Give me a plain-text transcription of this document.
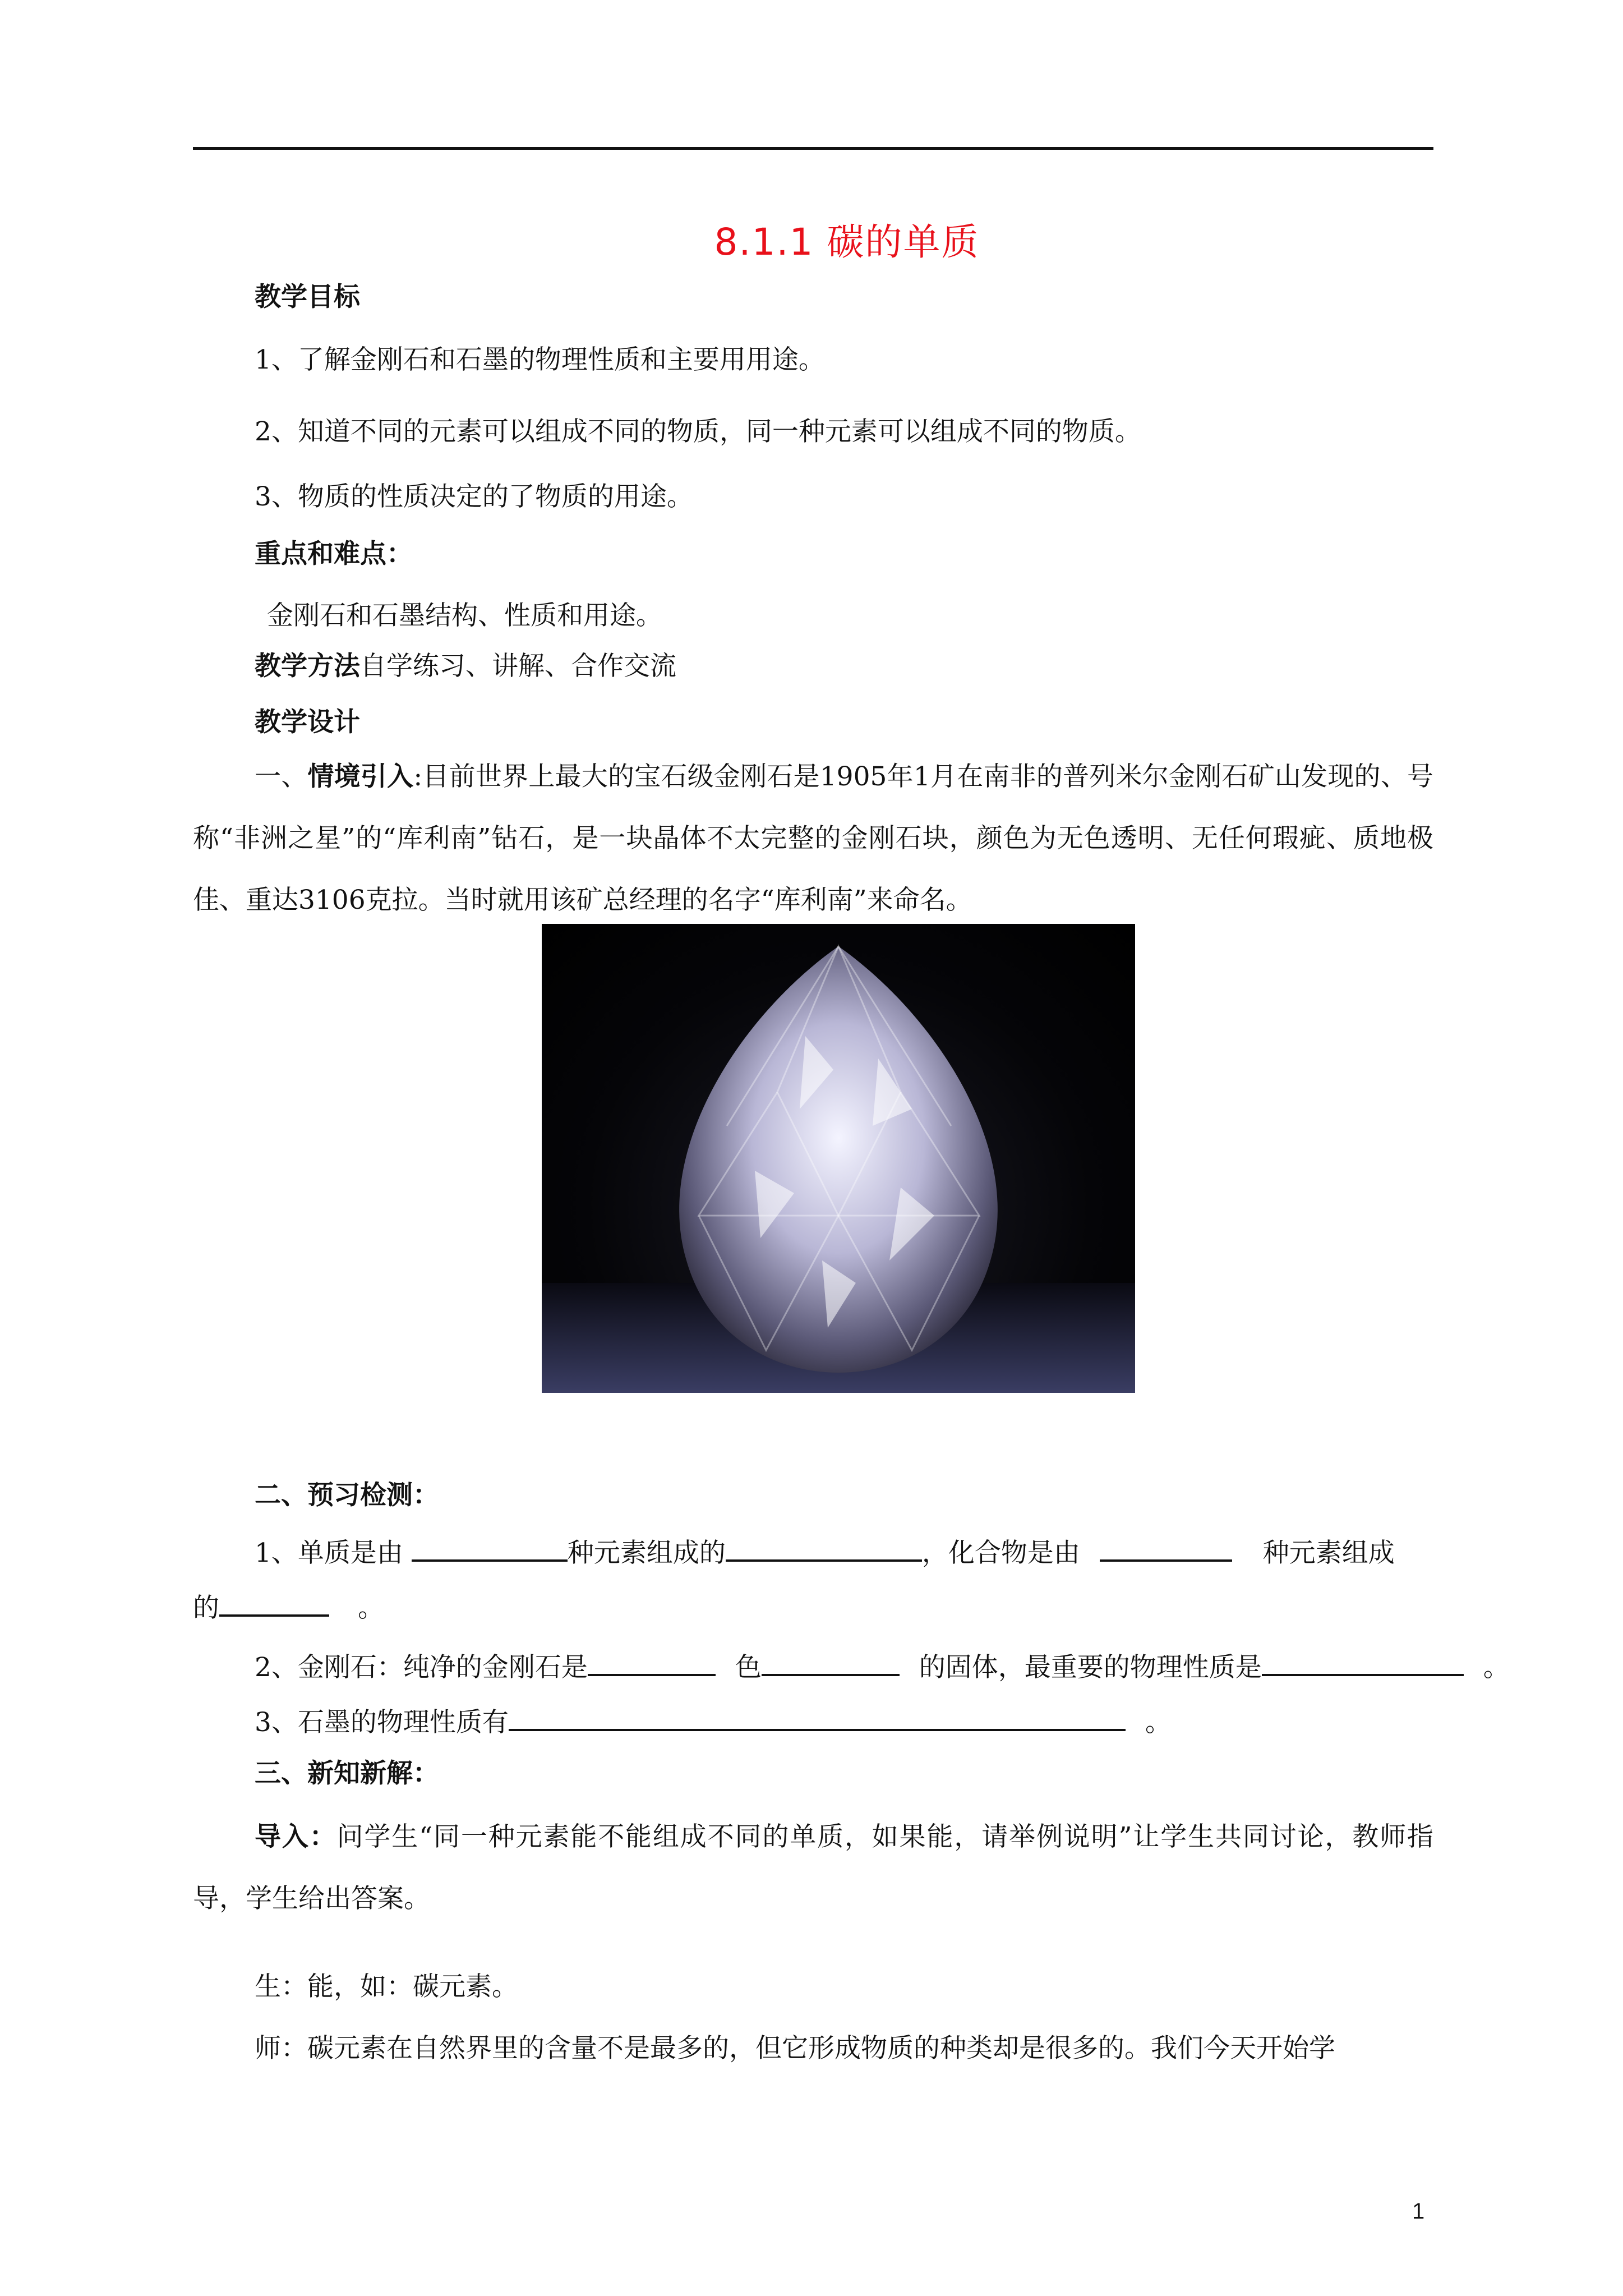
8.1.1 碳的单质
教学目标
1、了解金刚石和石墨的物理性质和主要用用途。
2、知道不同的元素可以组成不同的物质，同一种元素可以组成不同的物质。
3、物质的性质决定的了物质的用途。
重点和难点：
金刚石和石墨结构、性质和用途。
教学方法自学练习、讲解、合作交流
教学设计
一、情境引入:目前世界上最大的宝石级金刚石是1905年1月在南非的普列米尔金刚石矿山发现的、号称“非洲之星”的“库利南”钻石，是一块晶体不太完整的金刚石块，颜色为无色透明、无任何瑕疵、质地极佳、重达3106克拉。当时就用该矿总经理的名字“库利南”来命名。
二、预习检测：
1、单质是由	种元素组成的	，化合物是由	种元素组成
的	。
2、金刚石：纯净的金刚石是	色	的固体，最重要的物理性质是	。
3、石墨的物理性质有	。
三、新知新解：
导入：问学生“同一种元素能不能组成不同的单质，如果能，请举例说明”让学生共同讨论，教师指导，学生给出答案。
生：能，如：碳元素。
师：碳元素在自然界里的含量不是最多的，但它形成物质的种类却是很多的。我们今天开始学
1
